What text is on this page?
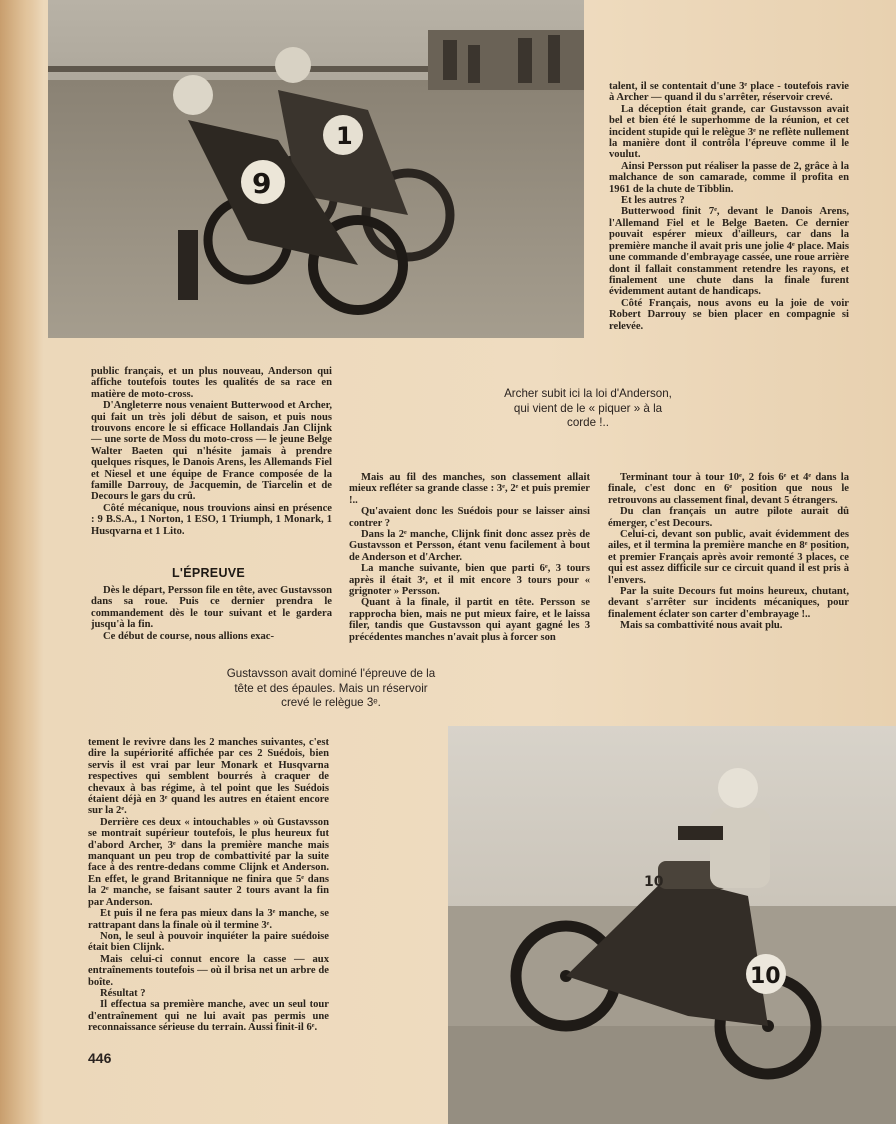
1
9

talent, il se contentait d'une 3ᵉ place - toutefois ravie à Archer — quand il du s'arrêter, réservoir crevé.

La déception était grande, car Gustavsson avait bel et bien été le superhomme de la réunion, et cet incident stupide qui le relègue 3ᵉ ne reflète nullement la manière dont il contrôla l'épreuve comme il le voulut.

Ainsi Persson put réaliser la passe de 2, grâce à la malchance de son camarade, comme il profita en 1961 de la chute de Tibblin.

Et les autres ?

Butterwood finit 7ᵉ, devant le Danois Arens, l'Allemand Fiel et le Belge Baeten. Ce dernier pouvait espérer mieux d'ailleurs, car dans la première manche il avait pris une jolie 4ᵉ place. Mais une commande d'embrayage cassée, une roue arrière dont il fallait constamment retendre les rayons, et finalement une chute dans la finale furent évidemment autant de handicaps.

Côté Français, nous avons eu la joie de voir Robert Darrouy se bien placer en compagnie si relevée.

public français, et un plus nouveau, Anderson qui affiche toutefois toutes les qualités de sa race en matière de moto-cross.

D'Angleterre nous venaient Butterwood et Archer, qui fait un très joli début de saison, et puis nous trouvons encore le si efficace Hollandais Jan Clijnk — une sorte de Moss du moto-cross — le jeune Belge Walter Baeten qui n'hésite jamais à prendre quelques risques, le Danois Arens, les Allemands Fiel et Niesel et une équipe de France composée de la famille Darrouy, de Jacquemin, de Tiarcelin et de Decours le gars du crû.

Côté mécanique, nous trouvions ainsi en présence : 9 B.S.A., 1 Norton, 1 ESO, 1 Triumph, 1 Monark, 1 Husqvarna et 1 Lito.

Archer subit ici la loi d'Anderson, qui vient de le « piquer » à la corde !..
L'ÉPREUVE

Dès le départ, Persson file en tête, avec Gustavsson dans sa roue. Puis ce dernier prendra le commandement dès le tour suivant et le gardera jusqu'à la fin.

Ce début de course, nous allions exac-

Mais au fil des manches, son classement allait mieux refléter sa grande classe : 3ᵉ, 2ᵉ et puis premier !..

Qu'avaient donc les Suédois pour se laisser ainsi contrer ?

Dans la 2ᵉ manche, Clijnk finit donc assez près de Gustavsson et Persson, étant venu facilement à bout de Anderson et d'Archer.

La manche suivante, bien que parti 6ᵉ, 3 tours après il était 3ᵉ, et il mit encore 3 tours pour « grignoter » Persson.

Quant à la finale, il partit en tête. Persson se rapprocha bien, mais ne put mieux faire, et le laissa filer, tandis que Gustavsson qui ayant gagné les 3 précédentes manches n'avait plus à forcer son

Terminant tour à tour 10ᵉ, 2 fois 6ᵉ et 4ᵉ dans la finale, c'est donc en 6ᵉ position que nous le retrouvons au classement final, devant 5 étrangers.

Du clan français un autre pilote aurait dû émerger, c'est Decours.

Celui-ci, devant son public, avait évidemment des ailes, et il termina la première manche en 8ᵉ position, et premier Français après avoir remonté 3 places, ce qui est assez difficile sur ce circuit quand il est pris à l'envers.

Par la suite Decours fut moins heureux, chutant, devant s'arrêter sur incidents mécaniques, pour finalement éclater son carter d'embrayage !..

Mais sa combattivité nous avait plu.

Gustavsson avait dominé l'épreuve de la tête et des épaules. Mais un réservoir crevé le relègue 3ᵉ.

tement le revivre dans les 2 manches suivantes, c'est dire la supériorité affichée par ces 2 Suédois, bien servis il est vrai par leur Monark et Husqvarna respectives qui semblent bourrés à craquer de chevaux à bas régime, à tel point que les Suédois étaient déjà en 3ᵉ quand les autres en étaient encore sur la 2ᵉ.

Derrière ces deux « intouchables » où Gustavsson se montrait supérieur toutefois, le plus heureux fut d'abord Archer, 3ᵉ dans la première manche mais manquant un peu trop de combattivité par la suite face à des rentre-dedans comme Clijnk et Anderson. En effet, le grand Britannique ne finira que 5ᵉ dans la 2ᵉ manche, se faisant sauter 2 tours avant la fin par Anderson.

Et puis il ne fera pas mieux dans la 3ᵉ manche, se rattrapant dans la finale où il termine 3ᵉ.

Non, le seul à pouvoir inquiéter la paire suédoise était bien Clijnk.

Mais celui-ci connut encore la casse — aux entraînements toutefois — où il brisa net un arbre de boîte.

Résultat ?

Il effectua sa première manche, avec un seul tour d'entraînement qui ne lui avait pas permis une reconnaissance sérieuse du terrain. Aussi finit-il 6ᵉ.

10
10
446
